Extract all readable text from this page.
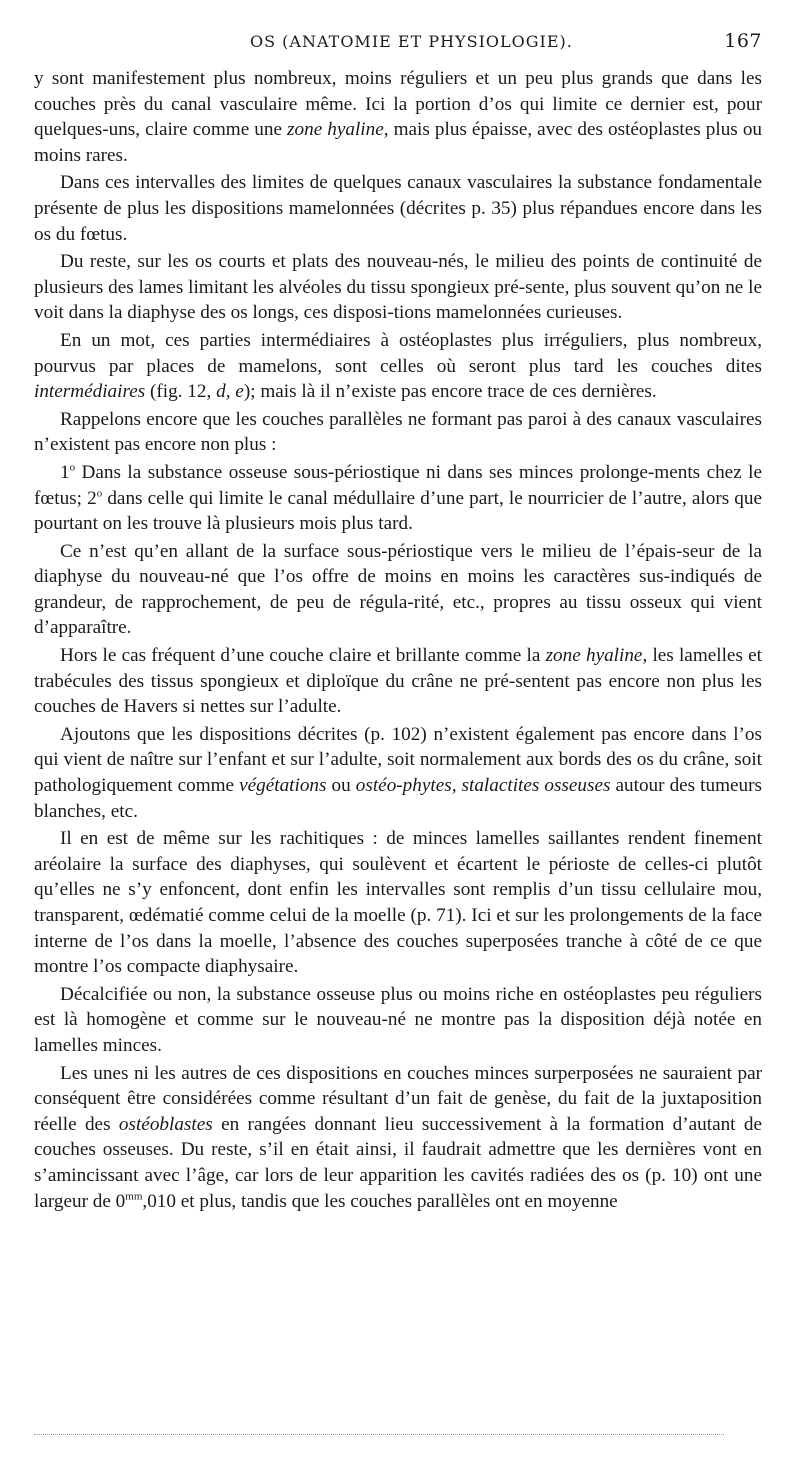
OS (ANATOMIE ET PHYSIOLOGIE).	167

y sont manifestement plus nombreux, moins réguliers et un peu plus grands que dans les couches près du canal vasculaire même. Ici la portion d’os qui limite ce dernier est, pour quelques-uns, claire comme une zone hyaline, mais plus épaisse, avec des ostéoplastes plus ou moins rares.

Dans ces intervalles des limites de quelques canaux vasculaires la substance fondamentale présente de plus les dispositions mamelonnées (décrites p. 35) plus répandues encore dans les os du fœtus.

Du reste, sur les os courts et plats des nouveau-nés, le milieu des points de continuité de plusieurs des lames limitant les alvéoles du tissu spongieux pré-sente, plus souvent qu’on ne le voit dans la diaphyse des os longs, ces disposi-tions mamelonnées curieuses.

En un mot, ces parties intermédiaires à ostéoplastes plus irréguliers, plus nombreux, pourvus par places de mamelons, sont celles où seront plus tard les couches dites intermédiaires (fig. 12, d, e); mais là il n’existe pas encore trace de ces dernières.

Rappelons encore que les couches parallèles ne formant pas paroi à des canaux vasculaires n’existent pas encore non plus :

1$^o$ Dans la substance osseuse sous-périostique ni dans ses minces prolonge-ments chez le fœtus; 2$^o$ dans celle qui limite le canal médullaire d’une part, le nourricier de l’autre, alors que pourtant on les trouve là plusieurs mois plus tard.

Ce n’est qu’en allant de la surface sous-périostique vers le milieu de l’épais-seur de la diaphyse du nouveau-né que l’os offre de moins en moins les caractères sus-indiqués de grandeur, de rapprochement, de peu de régula-rité, etc., propres au tissu osseux qui vient d’apparaître.

Hors le cas fréquent d’une couche claire et brillante comme la zone hyaline, les lamelles et trabécules des tissus spongieux et diploïque du crâne ne pré-sentent pas encore non plus les couches de Havers si nettes sur l’adulte.

Ajoutons que les dispositions décrites (p. 102) n’existent également pas encore dans l’os qui vient de naître sur l’enfant et sur l’adulte, soit normalement aux bords des os du crâne, soit pathologiquement comme végétations ou ostéo-phytes, stalactites osseuses autour des tumeurs blanches, etc.

Il en est de même sur les rachitiques : de minces lamelles saillantes rendent finement aréolaire la surface des diaphyses, qui soulèvent et écartent le périoste de celles-ci plutôt qu’elles ne s’y enfoncent, dont enfin les intervalles sont remplis d’un tissu cellulaire mou, transparent, œdématié comme celui de la moelle (p. 71). Ici et sur les prolongements de la face interne de l’os dans la moelle, l’absence des couches superposées tranche à côté de ce que montre l’os compacte diaphysaire.

Décalcifiée ou non, la substance osseuse plus ou moins riche en ostéoplastes peu réguliers est là homogène et comme sur le nouveau-né ne montre pas la disposition déjà notée en lamelles minces.

Les unes ni les autres de ces dispositions en couches minces surperposées ne sauraient par conséquent être considérées comme résultant d’un fait de genèse, du fait de la juxtaposition réelle des ostéoblastes en rangées donnant lieu successivement à la formation d’autant de couches osseuses. Du reste, s’il en était ainsi, il faudrait admettre que les dernières vont en s’amincissant avec l’âge, car lors de leur apparition les cavités radiées des os (p. 10) ont une largeur de $0^{mm},010$ et plus, tandis que les couches parallèles ont en moyenne
